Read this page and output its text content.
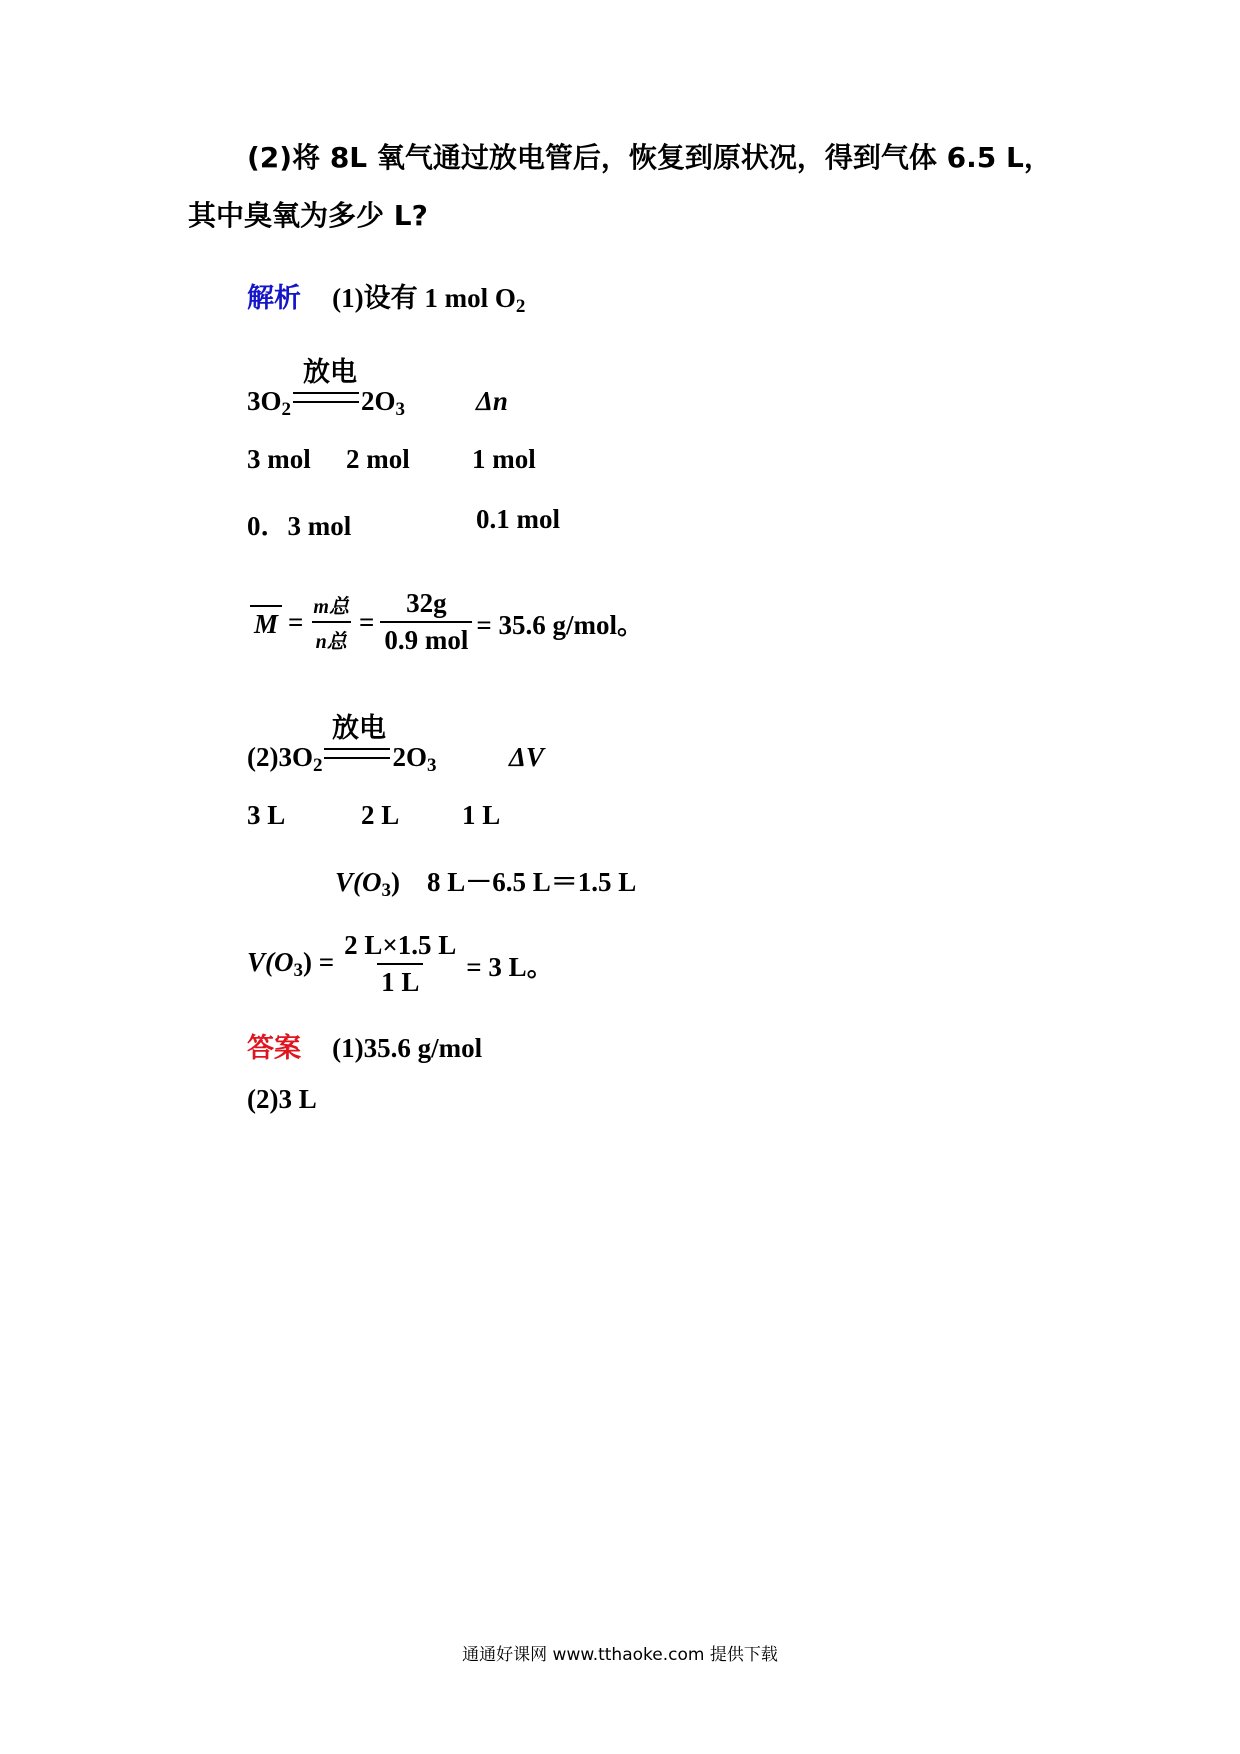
(2)将 8L 氧气通过放电管后，恢复到原状况，得到气体 6.5 L，
其中臭氧为多少 L?
解析 (1)设有 1 mol $O_2$
放电
$3O_2$	$2O_3$	Δn
3 mol 2 mol 1 mol
0．3 mol	0.1 mol
$M = \frac{\text{m总}}{\text{n总}} = \frac{32g}{\text{0.9 mol}} = 35.6$ g/mol。
放电
$(2)3O_2$	$2O_3$	ΔV
3 L	2 L 1 L
$V(O_3)$　8 L－6.5 L＝1.5 L
$V(O_3) = \frac{2 L\times 1.5 L}{1 L} = 3$ L。
答案 (1)35.6 g/mol
(2)3 L
通通好课网 www.tthaoke.com 提供下载
